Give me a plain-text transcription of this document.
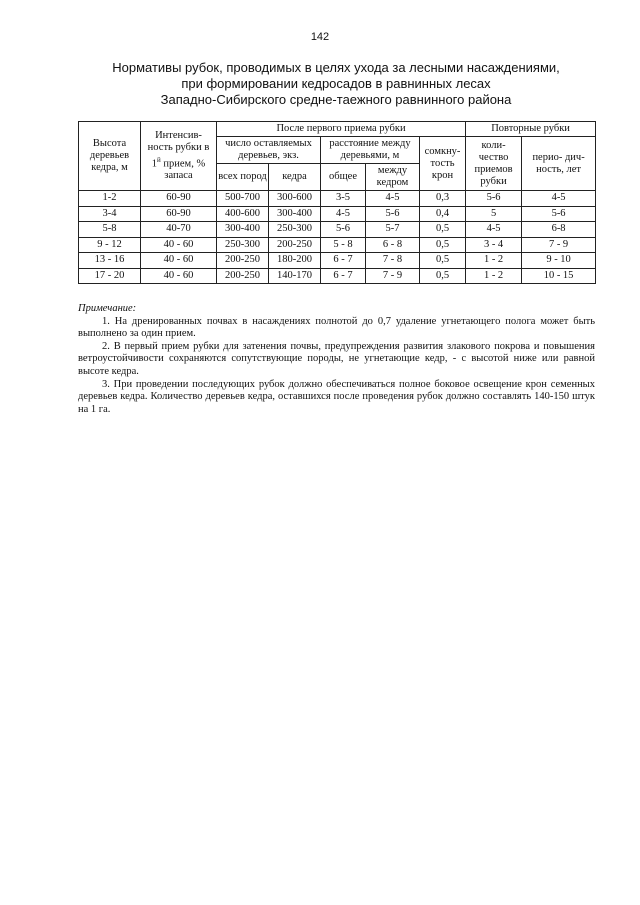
142
Нормативы рубок, проводимых в целях ухода за лесными насаждениями,
при формировании кедросадов в равнинных лесах
Западно-Сибирского средне-таежного равнинного района
Высота деревьев кедра, м	Интенсив- ность рубки в $1^й$ прием, % запаса	После первого приема рубки					Повторные рубки	
		число оставляемых деревьев, экз.		расстояние между деревьями, м		сомкну- тость крон	коли- чество приемов рубки	перио- дич- ность, лет
		всех пород	кедра	общее	между кедром			
1-2	60-90	500-700	300-600	3-5	4-5	0,3	5-6	4-5
3-4	60-90	400-600	300-400	4-5	5-6	0,4	5	5-6
5-8	40-70	300-400	250-300	5-6	5-7	0,5	4-5	6-8
9 - 12	40 - 60	250-300	200-250	5 - 8	6 - 8	0,5	3 - 4	7 - 9
13 - 16	40 - 60	200-250	180-200	6 - 7	7 - 8	0,5	1 - 2	9 - 10
17 - 20	40 - 60	200-250	140-170	6 - 7	7 - 9	0,5	1 - 2	10 - 15
Примечание:

1. На дренированных почвах в насаждениях полнотой до 0,7 удаление угнетающего полога может быть выполнено за один прием.

2. В первый прием рубки для затенения почвы, предупреждения развития злакового покрова и повышения ветроустойчивости сохраняются сопутствующие породы, не угнетающие кедр, - с высотой ниже или равной высоте кедра.

3. При проведении последующих рубок должно обеспечиваться полное боковое освещение крон семенных деревьев кедра. Количество деревьев кедра, оставшихся после проведения рубок должно составлять 140-150 штук на 1 га.
